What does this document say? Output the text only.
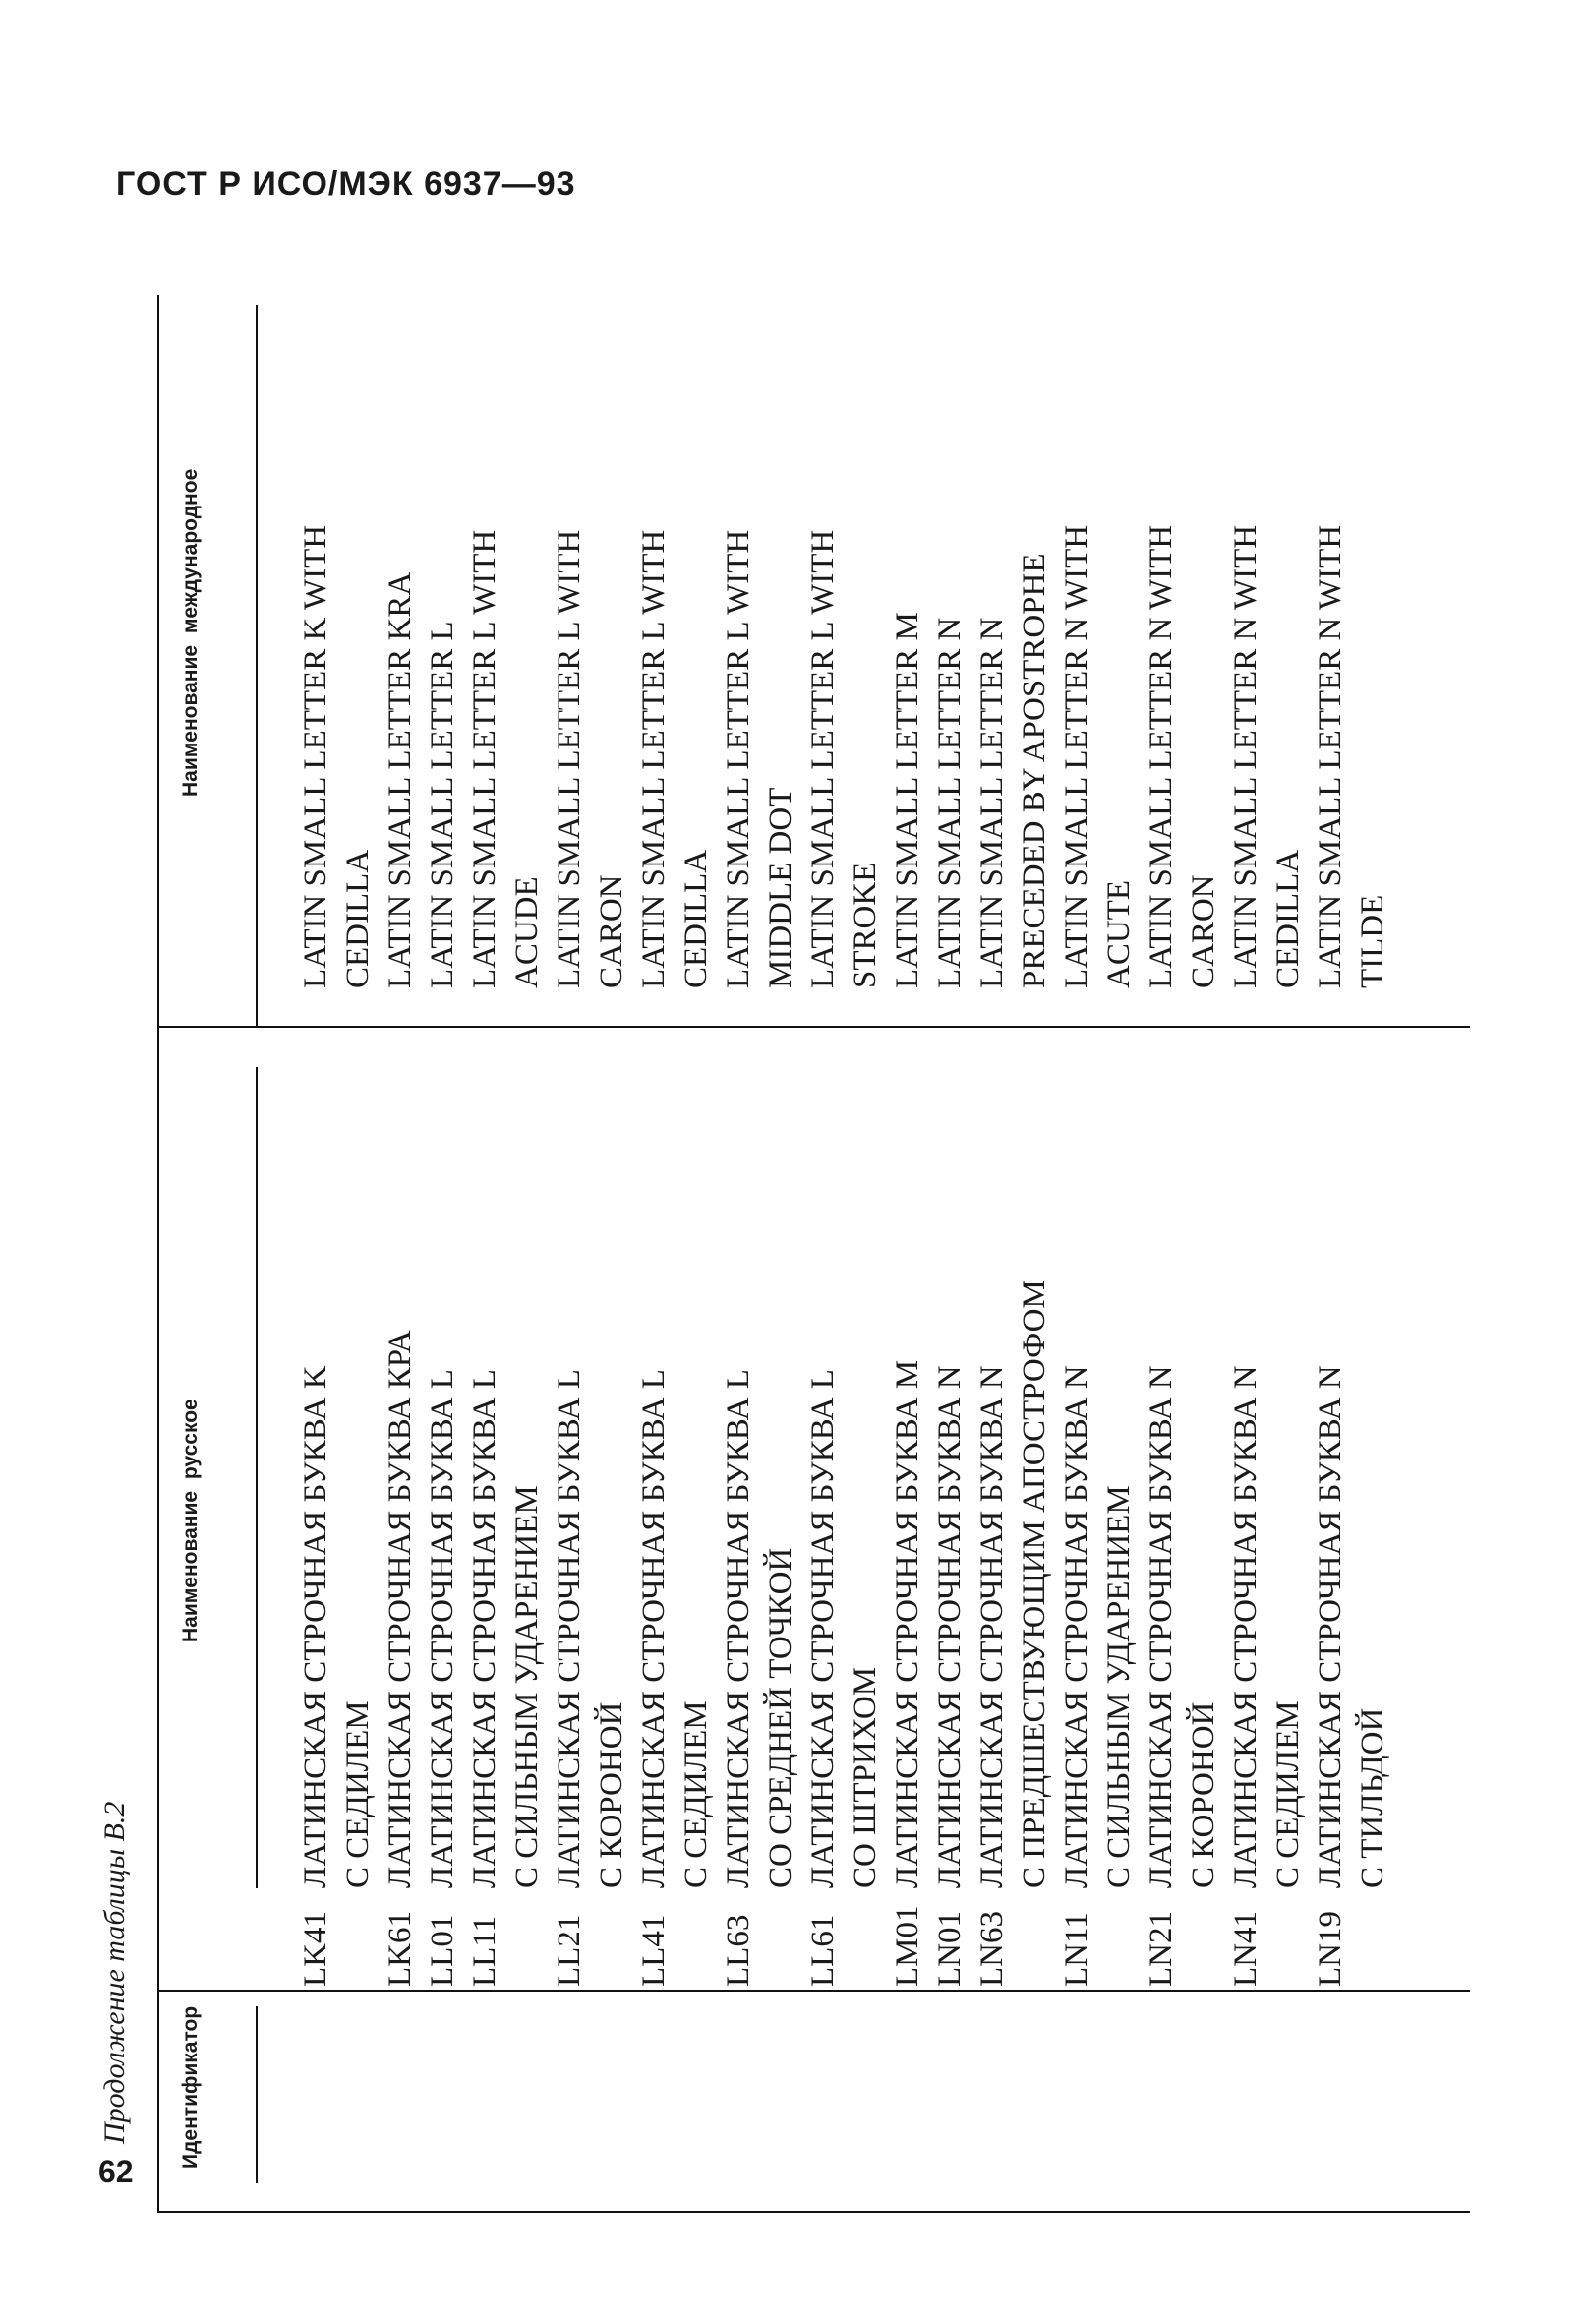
ГОСТ Р ИСО/МЭК 6937—93
62
Продолжение таблицы В.2 Идентификатор
Наименование русское
Наименование международное
LK41
ЛАТИНСКАЯ СТРОЧНАЯ БУКВА K С СЕДИЛЕМ
LATIN SMALL LETTER K WITH CEDILLA
LK61
ЛАТИНСКАЯ СТРОЧНАЯ БУКВА КРА
LATIN SMALL LETTER KRA
LL01
ЛАТИНСКАЯ СТРОЧНАЯ БУКВА L
LATIN SMALL LETTER L
LL11
ЛАТИНСКАЯ СТРОЧНАЯ БУКВА L С СИЛЬНЫМ УДАРЕНИЕМ
LATIN SMALL LETTER L WITH ACUDE
LL21
ЛАТИНСКАЯ СТРОЧНАЯ БУКВА L С КОРОНОЙ
LATIN SMALL LETTER L WITH CARON
LL41
ЛАТИНСКАЯ СТРОЧНАЯ БУКВА L С СЕДИЛЕМ
LATIN SMALL LETTER L WITH CEDILLA
LL63
ЛАТИНСКАЯ СТРОЧНАЯ БУКВА L СО СРЕДНЕЙ ТОЧКОЙ
LATIN SMALL LETTER L WITH MIDDLE DOT
LL61
ЛАТИНСКАЯ СТРОЧНАЯ БУКВА L СО ШТРИХОМ
LATIN SMALL LETTER L WITH STROKE
LM01
ЛАТИНСКАЯ СТРОЧНАЯ БУКВА M
LATIN SMALL LETTER M
LN01
ЛАТИНСКАЯ СТРОЧНАЯ БУКВА N
LATIN SMALL LETTER N
LN63
ЛАТИНСКАЯ СТРОЧНАЯ БУКВА N С ПРЕДШЕСТВУЮЩИМ АПОСТРОФОМ
LATIN SMALL LETTER N PRECEDED BY APOSTROPHE
LN11
ЛАТИНСКАЯ СТРОЧНАЯ БУКВА N С СИЛЬНЫМ УДАРЕНИЕМ
LATIN SMALL LETTER N WITH ACUTE
LN21
ЛАТИНСКАЯ СТРОЧНАЯ БУКВА N С КОРОНОЙ
LATIN SMALL LETTER N WITH CARON
LN41
ЛАТИНСКАЯ СТРОЧНАЯ БУКВА N С СЕДИЛЕМ
LATIN SMALL LETTER N WITH CEDILLA
LN19
ЛАТИНСКАЯ СТРОЧНАЯ БУКВА N С ТИЛЬДОЙ
LATIN SMALL LETTER N WITH TILDE
